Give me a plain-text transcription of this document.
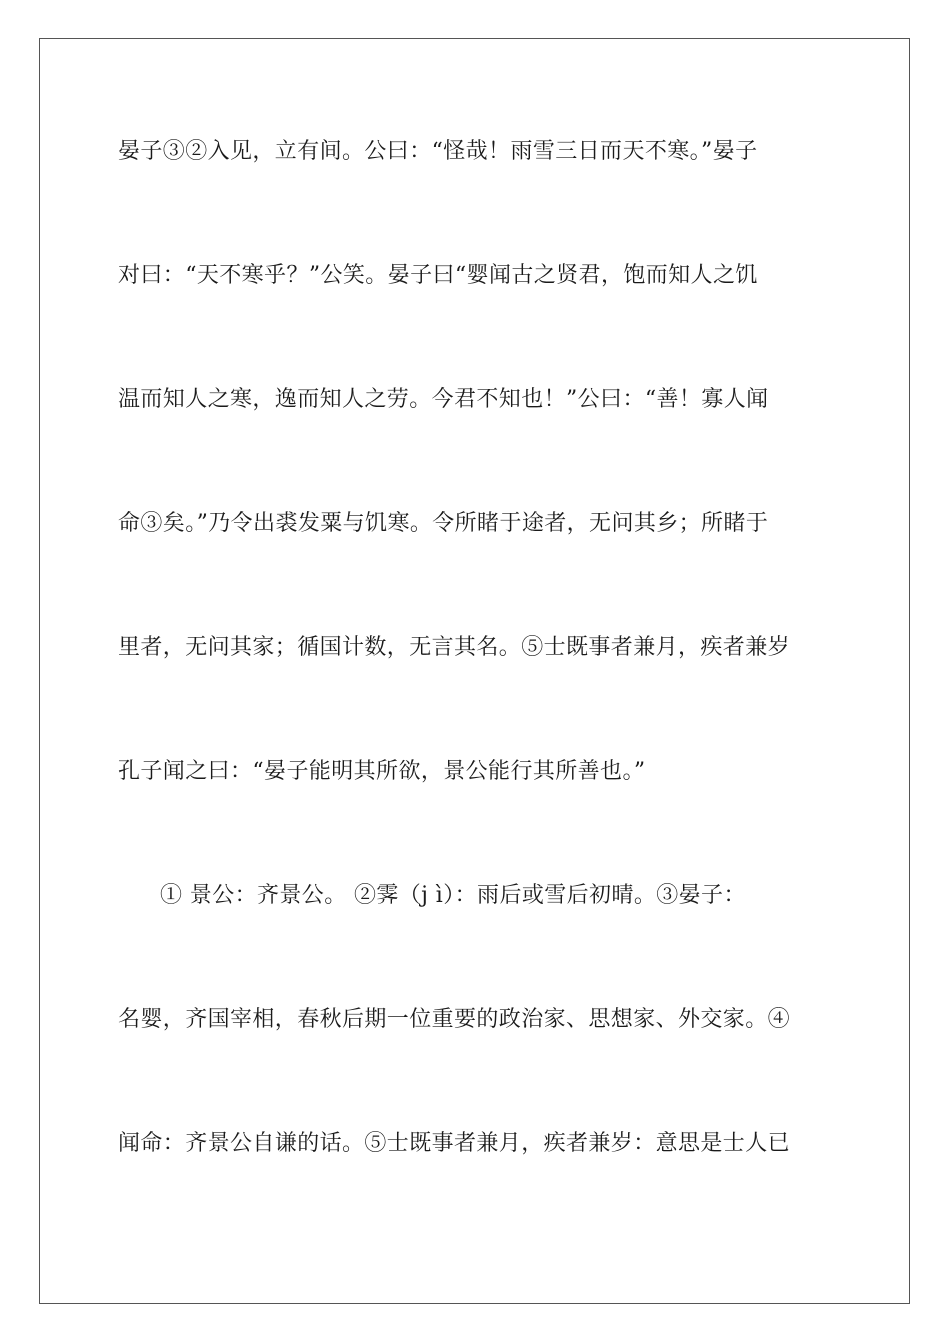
晏子③②入见，立有间。公曰：“怪哉！雨雪三日而天不寒。”晏子
对曰：“天不寒乎？”公笑。晏子曰“婴闻古之贤君，饱而知人之饥
温而知人之寒，逸而知人之劳。今君不知也！”公曰：“善！寡人闻
命③矣。”乃令出裘发粟与饥寒。令所睹于途者，无问其乡；所睹于
里者，无问其家；循国计数，无言其名。⑤士既事者兼月，疾者兼岁
孔子闻之曰：“晏子能明其所欲，景公能行其所善也。”
① 景公：齐景公。 ②霁（j ì）：雨后或雪后初晴。③晏子：
名婴，齐国宰相，春秋后期一位重要的政治家、思想家、外交家。④
闻命：齐景公自谦的话。⑤士既事者兼月，疾者兼岁：意思是士人已
